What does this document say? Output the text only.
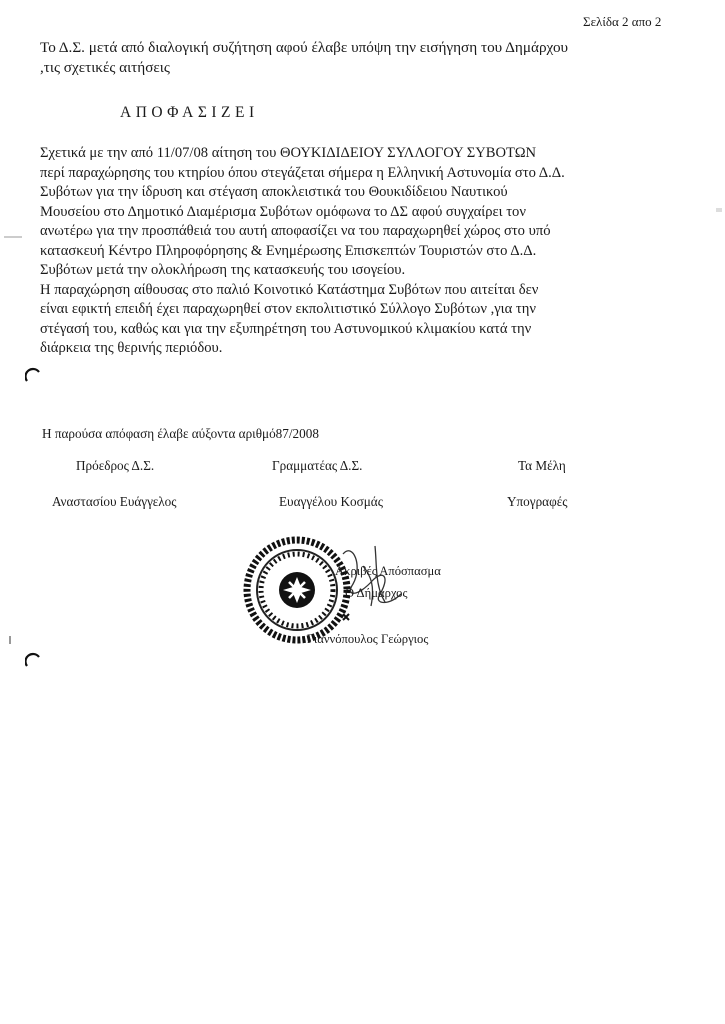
Σελίδα 2 απο 2
Το Δ.Σ. μετά από διαλογική συζήτηση αφού έλαβε υπόψη την εισήγηση του Δημάρχου
,τις σχετικές αιτήσεις
ΑΠΟΦΑΣΙΖΕΙ
Σχετικά με την από 11/07/08 αίτηση του ΘΟΥΚΙΔΙΔΕΙΟΥ ΣΥΛΛΟΓΟΥ ΣΥΒΟΤΩΝ
περί παραχώρησης του κτηρίου όπου στεγάζεται σήμερα η Ελληνική Αστυνομία στο Δ.Δ.
Συβότων για την ίδρυση και στέγαση αποκλειστικά του Θουκιδίδειου Ναυτικού
Μουσείου στο Δημοτικό Διαμέρισμα Συβότων ομόφωνα το ΔΣ αφού συγχαίρει τον
ανωτέρω για την προσπάθειά του αυτή αποφασίζει να του παραχωρηθεί χώρος στο υπό
κατασκευή Κέντρο Πληροφόρησης & Ενημέρωσης Επισκεπτών Τουριστών στο Δ.Δ.
Συβότων μετά την ολοκλήρωση της κατασκευής του ισογείου.
Η παραχώρηση αίθουσας στο παλιό Κοινοτικό Κατάστημα Συβότων που αιτείται δεν
είναι εφικτή επειδή έχει παραχωρηθεί στον εκπολιτιστικό Σύλλογο Συβότων ,για την
στέγασή του, καθώς και για την εξυπηρέτηση του Αστυνομικού κλιμακίου κατά την
διάρκεια της θερινής περιόδου.
Η παρούσα απόφαση έλαβε αύξοντα αριθμό87/2008
Πρόεδρος Δ.Σ.	Γραμματέας Δ.Σ.	Τα Μέλη
Αναστασίου Ευάγγελος	Ευαγγέλου Κοσμάς	Υπογραφές
Ακριβές Απόσπασμα
Ο Δήμαρχος
Γιαννόπουλος Γεώργιος
